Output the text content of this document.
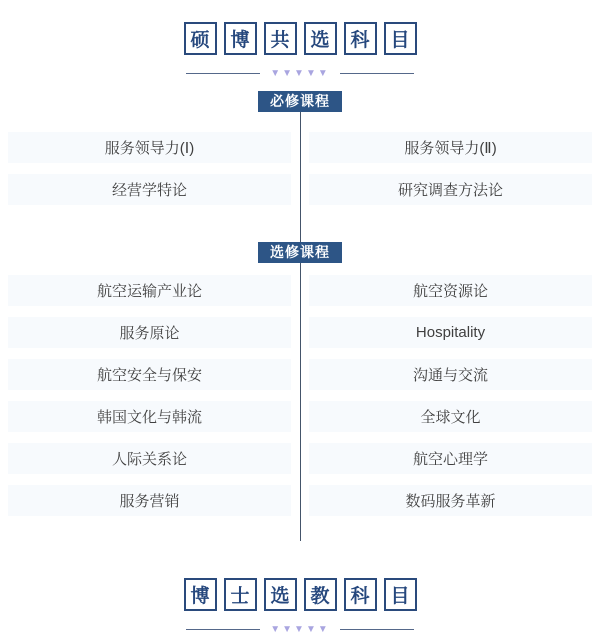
硕	博	共	选	科	目
▼▼▼▼▼
必修课程
服务领导力(Ⅰ)	服务领导力(Ⅱ)
经营学特论	研究调查方法论
选修课程
航空运输产业论	航空资源论
服务原论	Hospitality
航空安全与保安	沟通与交流
韩国文化与韩流	全球文化
人际关系论	航空心理学
服务营销	数码服务革新
博	士	选	教	科	目
▼▼▼▼▼
